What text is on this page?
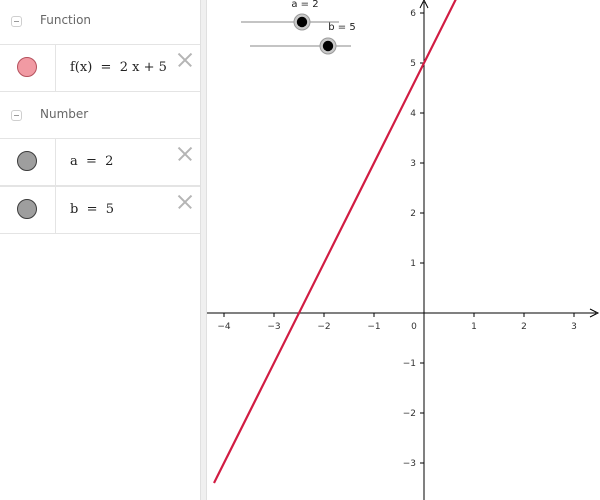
Function
f(x)  =  2 x + 5
Number
a  =  2
b  =  5
−4	−3	−2	−1	1	2	3
0
6
5
4
3
2
1
−1
−2
−3
a = 2
b = 5
